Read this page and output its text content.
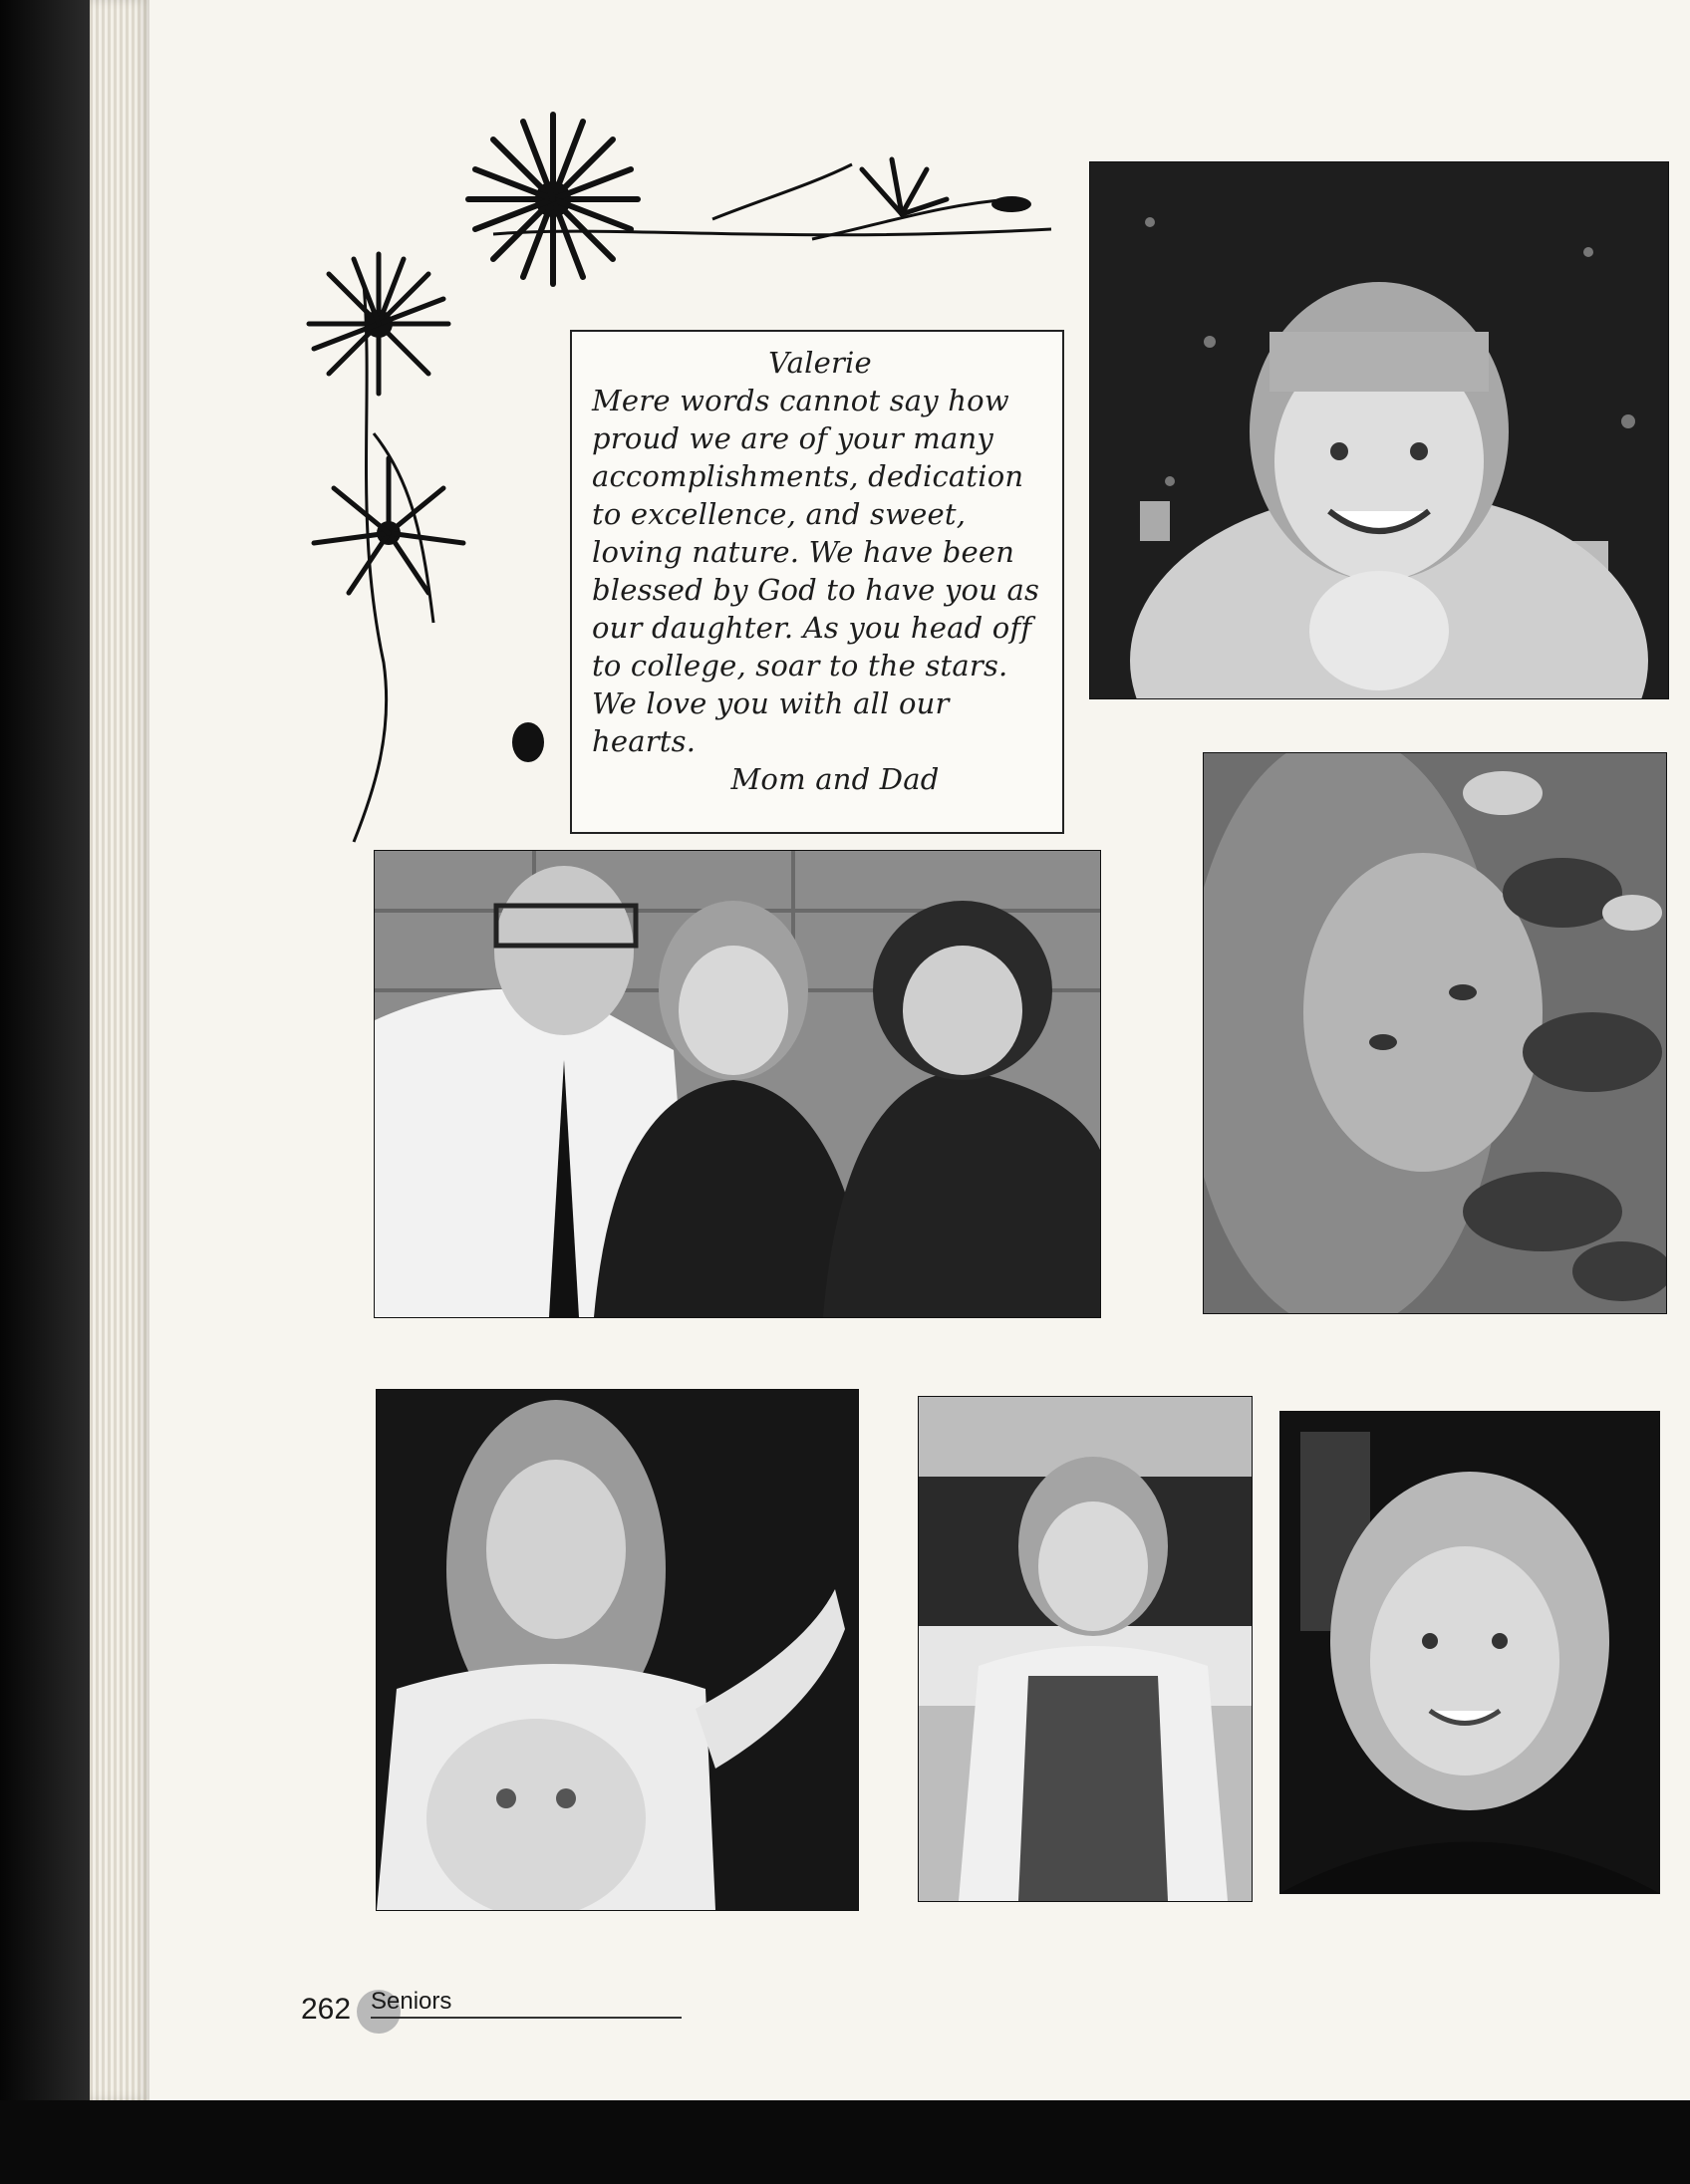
Valerie
Mere words cannot say how
proud we are of your many
accomplishments, dedication
to excellence, and sweet,
loving nature. We have been
blessed by God to have you as
our daughter. As you head off
to college, soar to the stars.
We love you with all our
hearts.
Mom and Dad
262 Seniors
